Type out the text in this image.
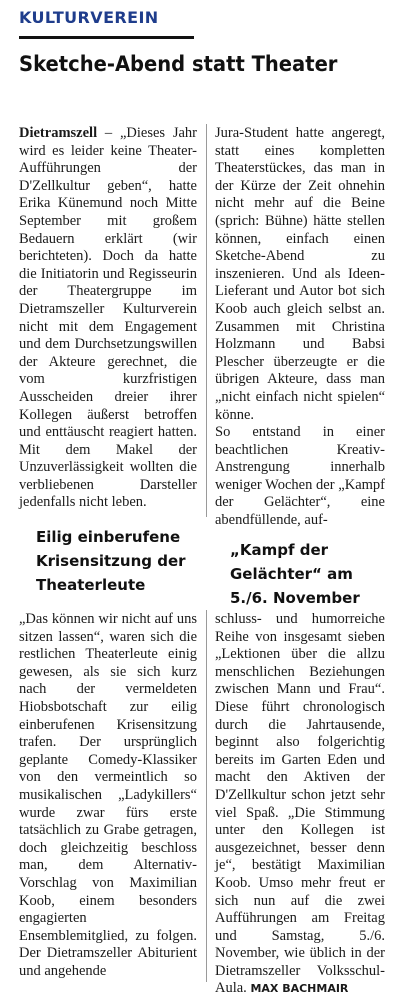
KULTURVEREIN
Sketche-Abend statt Theater

Dietramszell – „Dieses Jahr wird es leider keine Theater-Aufführungen der D'Zellkultur geben“, hatte Erika Künemund noch Mitte September mit großem Bedauern erklärt (wir berichteten). Doch da hatte die Initiatorin und Regisseurin der Theatergruppe im Dietramszeller Kulturverein nicht mit dem Engagement und dem Durchsetzungswillen der Akteure gerechnet, die vom kurzfristigen Ausscheiden dreier ihrer Kollegen äußerst betroffen und enttäuscht reagiert hatten. Mit dem Makel der Unzuverlässigkeit wollten die verbliebenen Darsteller jedenfalls nicht leben.

Jura-Student hatte angeregt, statt eines kompletten Theaterstückes, das man in der Kürze der Zeit ohnehin nicht mehr auf die Beine (sprich: Bühne) hätte stellen können, einfach einen Sketche-Abend zu inszenieren. Und als Ideen-Lieferant und Autor bot sich Koob auch gleich selbst an. Zusammen mit Christina Holzmann und Babsi Plescher überzeugte er die übrigen Akteure, dass man „nicht einfach nicht spielen“ könne.

So entstand in einer beachtlichen Kreativ-Anstrengung innerhalb weniger Wochen der „Kampf der Gelächter“, eine abendfüllende, auf-

Eilig einberufene Krisensitzung der Theaterleute
„Kampf der Gelächter“ am 5./6. November

„Das können wir nicht auf uns sitzen lassen“, waren sich die restlichen Theaterleute einig gewesen, als sie sich kurz nach der vermeldeten Hiobsbotschaft zur eilig einberufenen Krisensitzung trafen. Der ursprünglich geplante Comedy-Klassiker von den vermeintlich so musikalischen „Ladykillers“ wurde zwar fürs erste tatsächlich zu Grabe getragen, doch gleichzeitig beschloss man, dem Alternativ-Vorschlag von Maximilian Koob, einem besonders engagierten Ensemblemitglied, zu folgen. Der Dietramszeller Abiturient und angehende

schluss- und humorreiche Reihe von insgesamt sieben „Lektionen über die allzu menschlichen Beziehungen zwischen Mann und Frau“. Diese führt chronologisch durch die Jahrtausende, beginnt also folgerichtig bereits im Garten Eden und macht den Aktiven der D'Zellkultur schon jetzt sehr viel Spaß. „Die Stimmung unter den Kollegen ist ausgezeichnet, besser denn je“, bestätigt Maximilian Koob. Umso mehr freut er sich nun auf die zwei Aufführungen am Freitag und Samstag, 5./6. November, wie üblich in der Dietramszeller Volksschul-Aula. MAX BACHMAIR
